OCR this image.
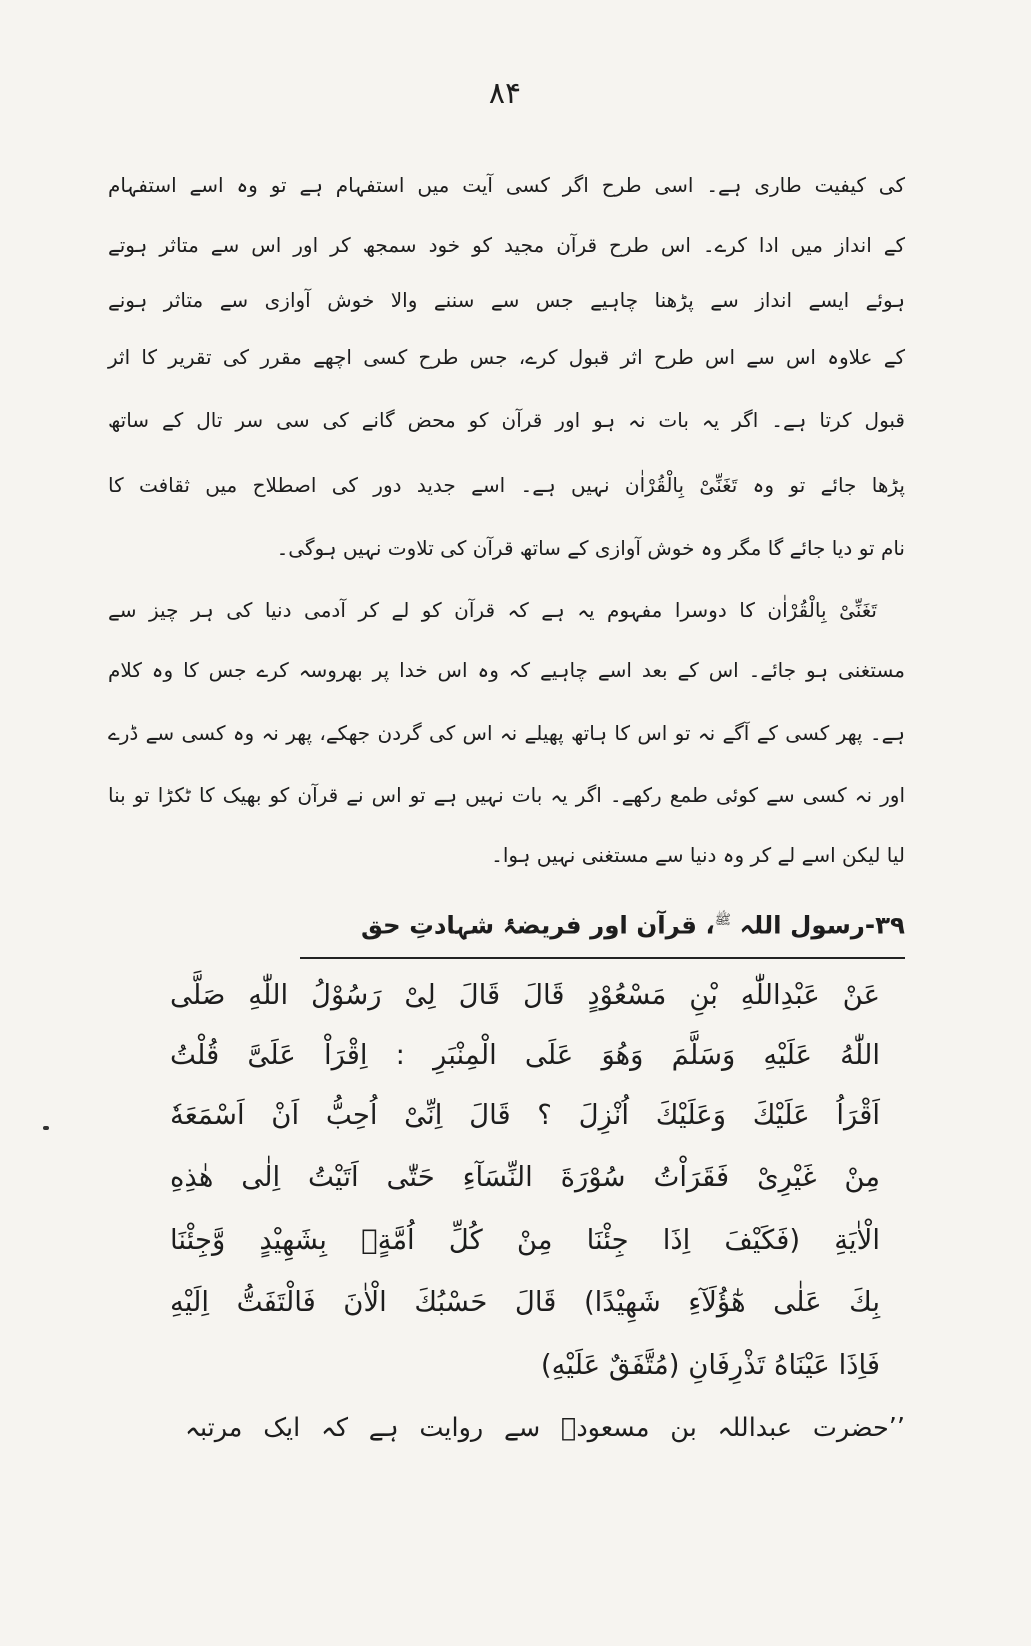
۸۴
کی کیفیت طاری ہے۔ اسی طرح اگر کسی آیت میں استفہام ہے تو وہ اسے استفہام
کے انداز میں ادا کرے۔ اس طرح قرآن مجید کو خود سمجھ کر اور اس سے متاثر ہوتے
ہوئے ایسے انداز سے پڑھنا چاہیے جس سے سننے والا خوش آوازی سے متاثر ہونے
کے علاوہ اس سے اس طرح اثر قبول کرے، جس طرح کسی اچھے مقرر کی تقریر کا اثر
قبول کرتا ہے۔ اگر یہ بات نہ ہو اور قرآن کو محض گانے کی سی سر تال کے ساتھ
پڑھا جائے تو وہ تَغَنِّیْ بِالْقُرْاٰن نہیں ہے۔ اسے جدید دور کی اصطلاح میں ثقافت کا
نام تو دیا جائے گا مگر وہ خوش آوازی کے ساتھ قرآن کی تلاوت نہیں ہوگی۔
تَغَنِّیْ بِالْقُرْاٰن کا دوسرا مفہوم یہ ہے کہ قرآن کو لے کر آدمی دنیا کی ہر چیز سے
مستغنی ہو جائے۔ اس کے بعد اسے چاہیے کہ وہ اس خدا پر بھروسہ کرے جس کا وہ کلام
ہے۔ پھر کسی کے آگے نہ تو اس کا ہاتھ پھیلے نہ اس کی گردن جھکے، پھر نہ وہ کسی سے ڈرے
اور نہ کسی سے کوئی طمع رکھے۔ اگر یہ بات نہیں ہے تو اس نے قرآن کو بھیک کا ٹکڑا تو بنا
لیا لیکن اسے لے کر وہ دنیا سے مستغنی نہیں ہوا۔
۳۹-رسول اللہ $^ﷺ$، قرآن اور فریضۂ شہادتِ حق
عَنْ عَبْدِاللّٰهِ بْنِ مَسْعُوْدٍ قَالَ قَالَ لِیْ رَسُوْلُ اللّٰهِ صَلَّى
اللّٰهُ عَلَيْهِ وَسَلَّمَ وَهُوَ عَلَى الْمِنْبَرِ : اِقْرَاْ عَلَیَّ قُلْتُ
اَقْرَاُ عَلَيْكَ وَعَلَيْكَ اُنْزِلَ ؟ قَالَ اِنِّیْ اُحِبُّ اَنْ اَسْمَعَهٗ
مِنْ غَيْرِیْ فَقَرَاْتُ سُوْرَةَ النِّسَآءِ حَتّٰى اَتَيْتُ اِلٰى هٰذِهِ
الْاٰيَةِ (فَكَيْفَ اِذَا جِئْنَا مِنْ كُلِّ اُمَّةٍۢ بِشَهِيْدٍ وَّجِئْنَا
بِكَ عَلٰى هٰٓؤُلَآءِ شَهِيْدًا) قَالَ حَسْبُكَ الْاٰنَ فَالْتَفَتُّ اِلَيْهِ
فَاِذَا عَيْنَاهُ تَذْرِفَانِ (مُتَّفَقٌ عَلَيْهِ)
’’حضرت عبداللہ بن مسعودؓ سے روایت ہے کہ ایک مرتبہ
